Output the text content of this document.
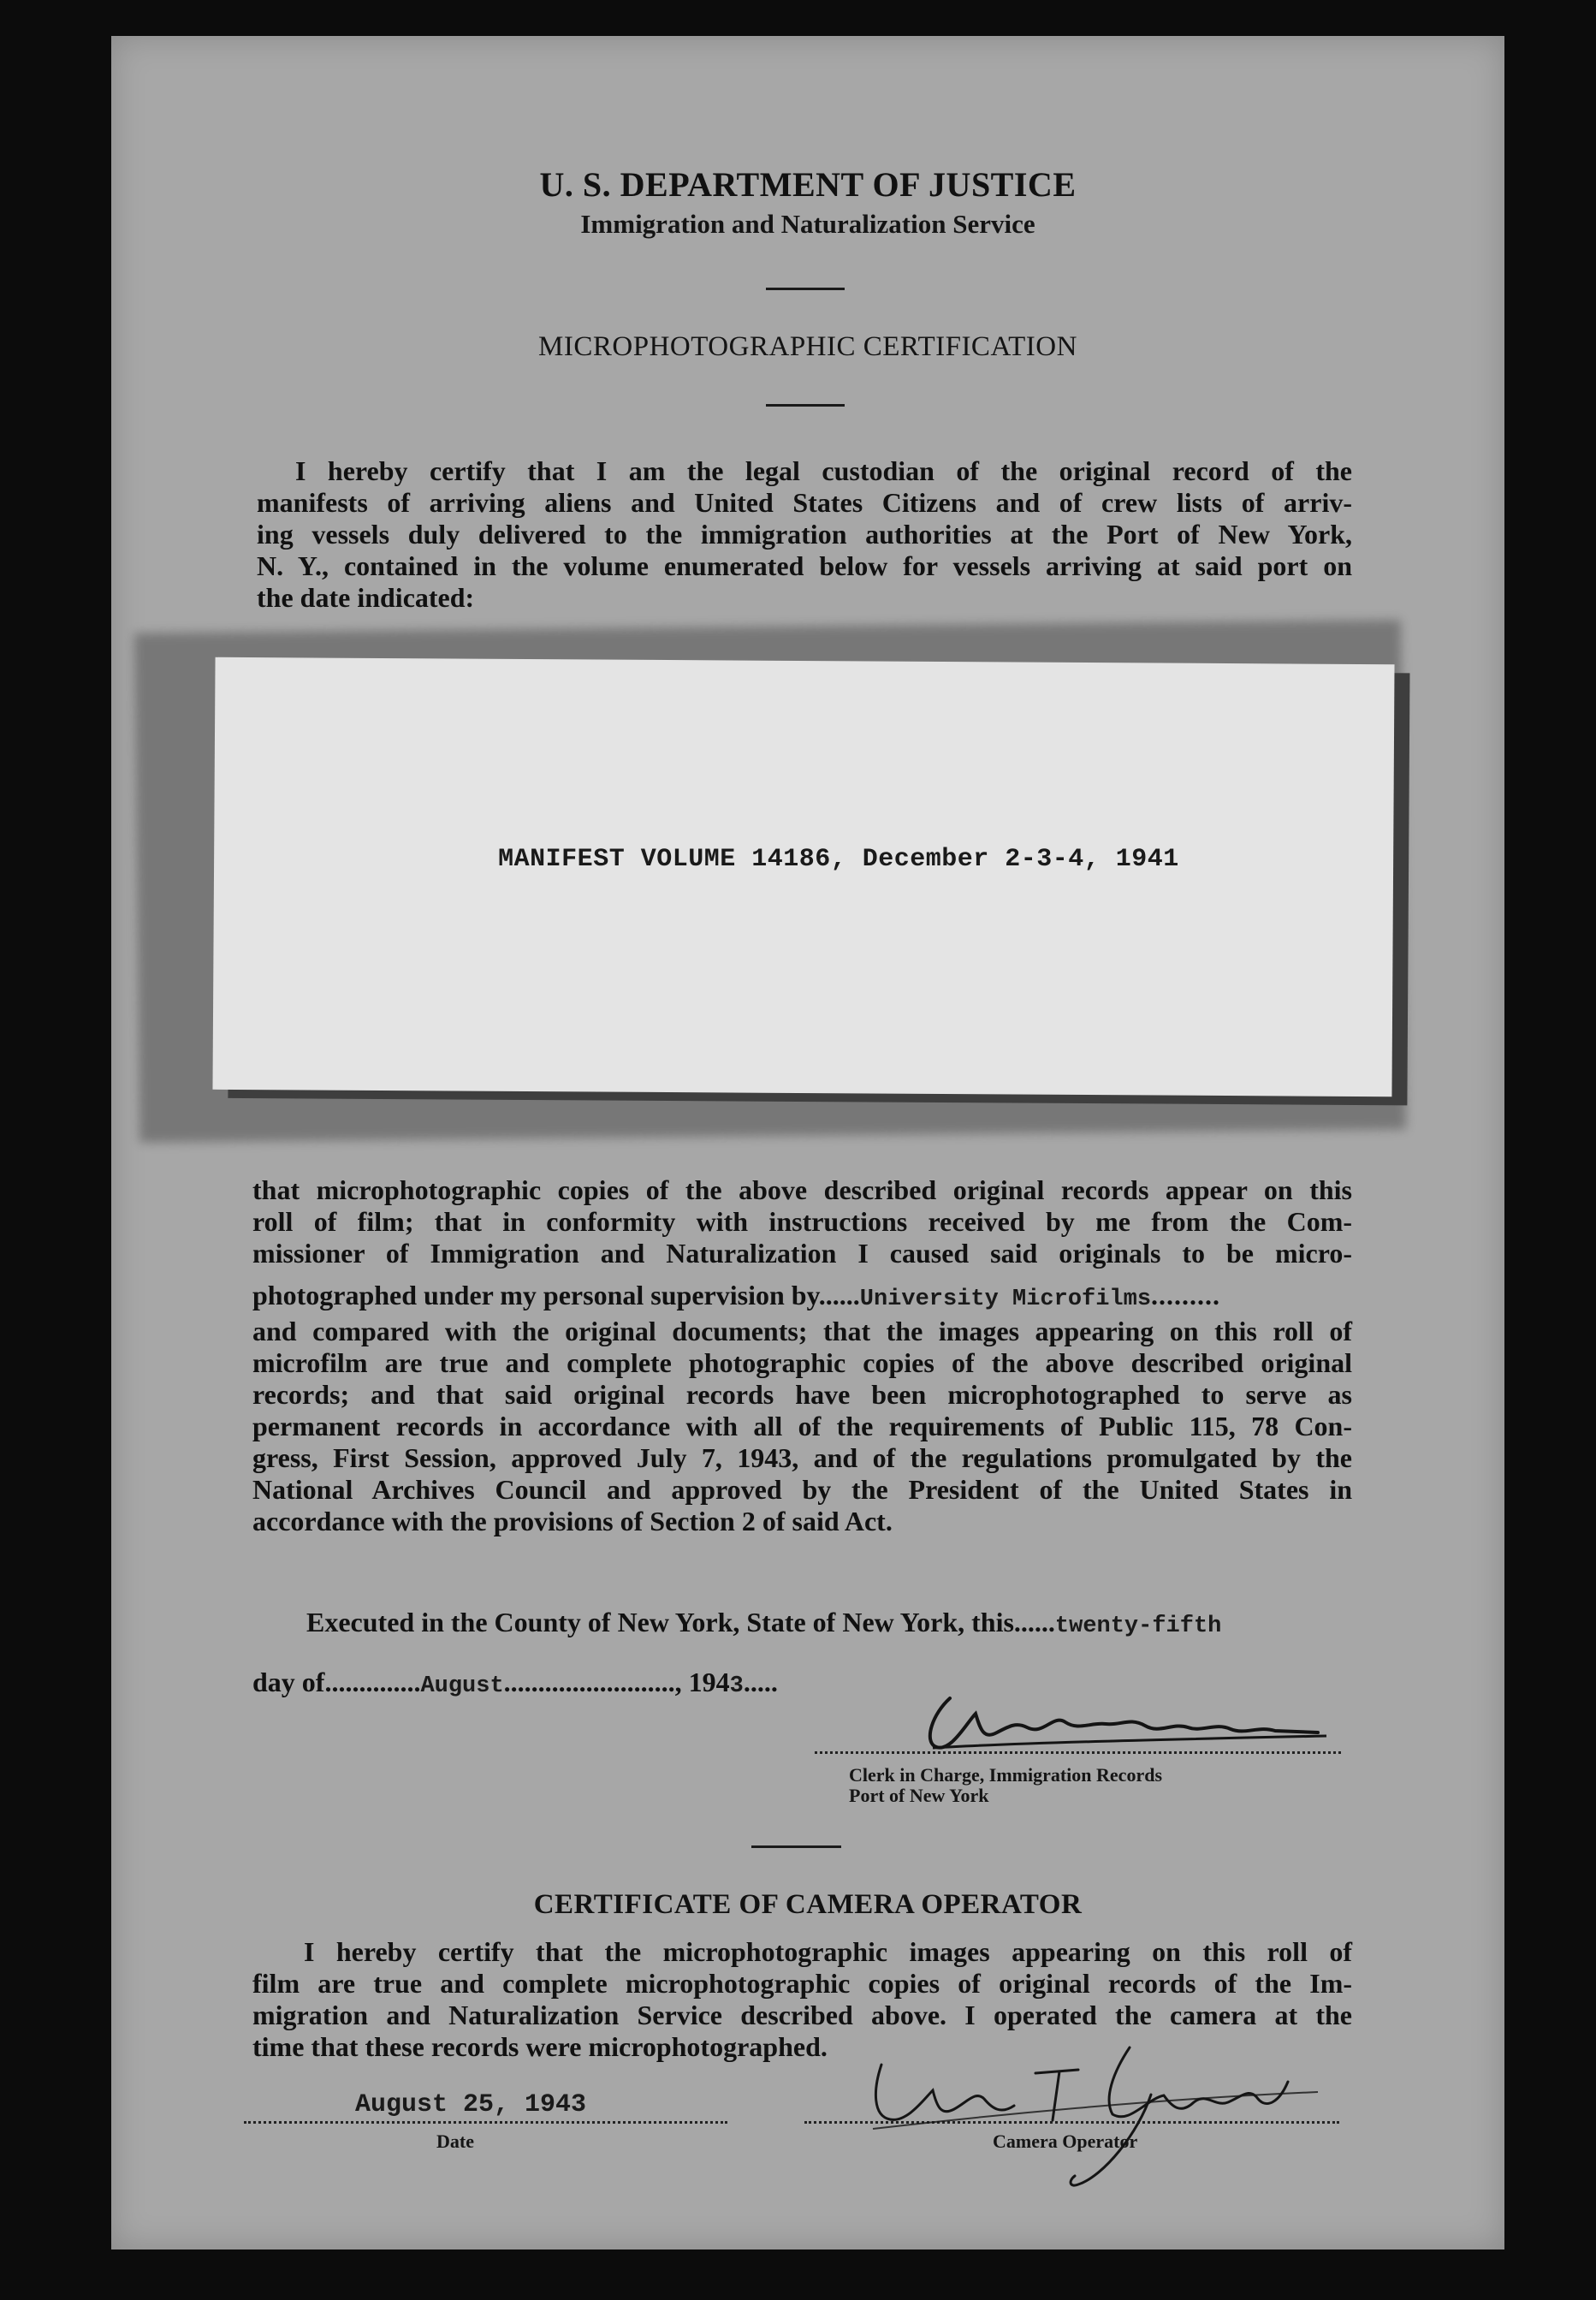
U. S. DEPARTMENT OF JUSTICE
Immigration and Naturalization Service
MICROPHOTOGRAPHIC CERTIFICATION
I hereby certify that I am the legal custodian of the original record of the
manifests of arriving aliens and United States Citizens and of crew lists of arriv-
ing vessels duly delivered to the immigration authorities at the Port of New York,
N. Y., contained in the volume enumerated below for vessels arriving at said port on
the date indicated:
MANIFEST VOLUME 14186, December 2-3-4, 1941
that microphotographic copies of the above described original records appear on this
roll of film; that in conformity with instructions received by me from the Com-
missioner of Immigration and Naturalization I caused said originals to be micro-
photographed under my personal supervision by......University Microfilms.........
and compared with the original documents; that the images appearing on this roll of
microfilm are true and complete photographic copies of the above described original
records; and that said original records have been microphotographed to serve as
permanent records in accordance with all of the requirements of Public 115, 78 Con-
gress, First Session, approved July 7, 1943, and of the regulations promulgated by the
National Archives Council and approved by the President of the United States in
accordance with the provisions of Section 2 of said Act.
Executed in the County of New York, State of New York, this......twenty-fifth
day of..............August........................., 1943.....
Clerk in Charge, Immigration Records
Port of New York
CERTIFICATE OF CAMERA OPERATOR
I hereby certify that the microphotographic images appearing on this roll of
film are true and complete microphotographic copies of original records of the Im-
migration and Naturalization Service described above. I operated the camera at the
time that these records were microphotographed.
August 25, 1943
Date	Camera Operator
